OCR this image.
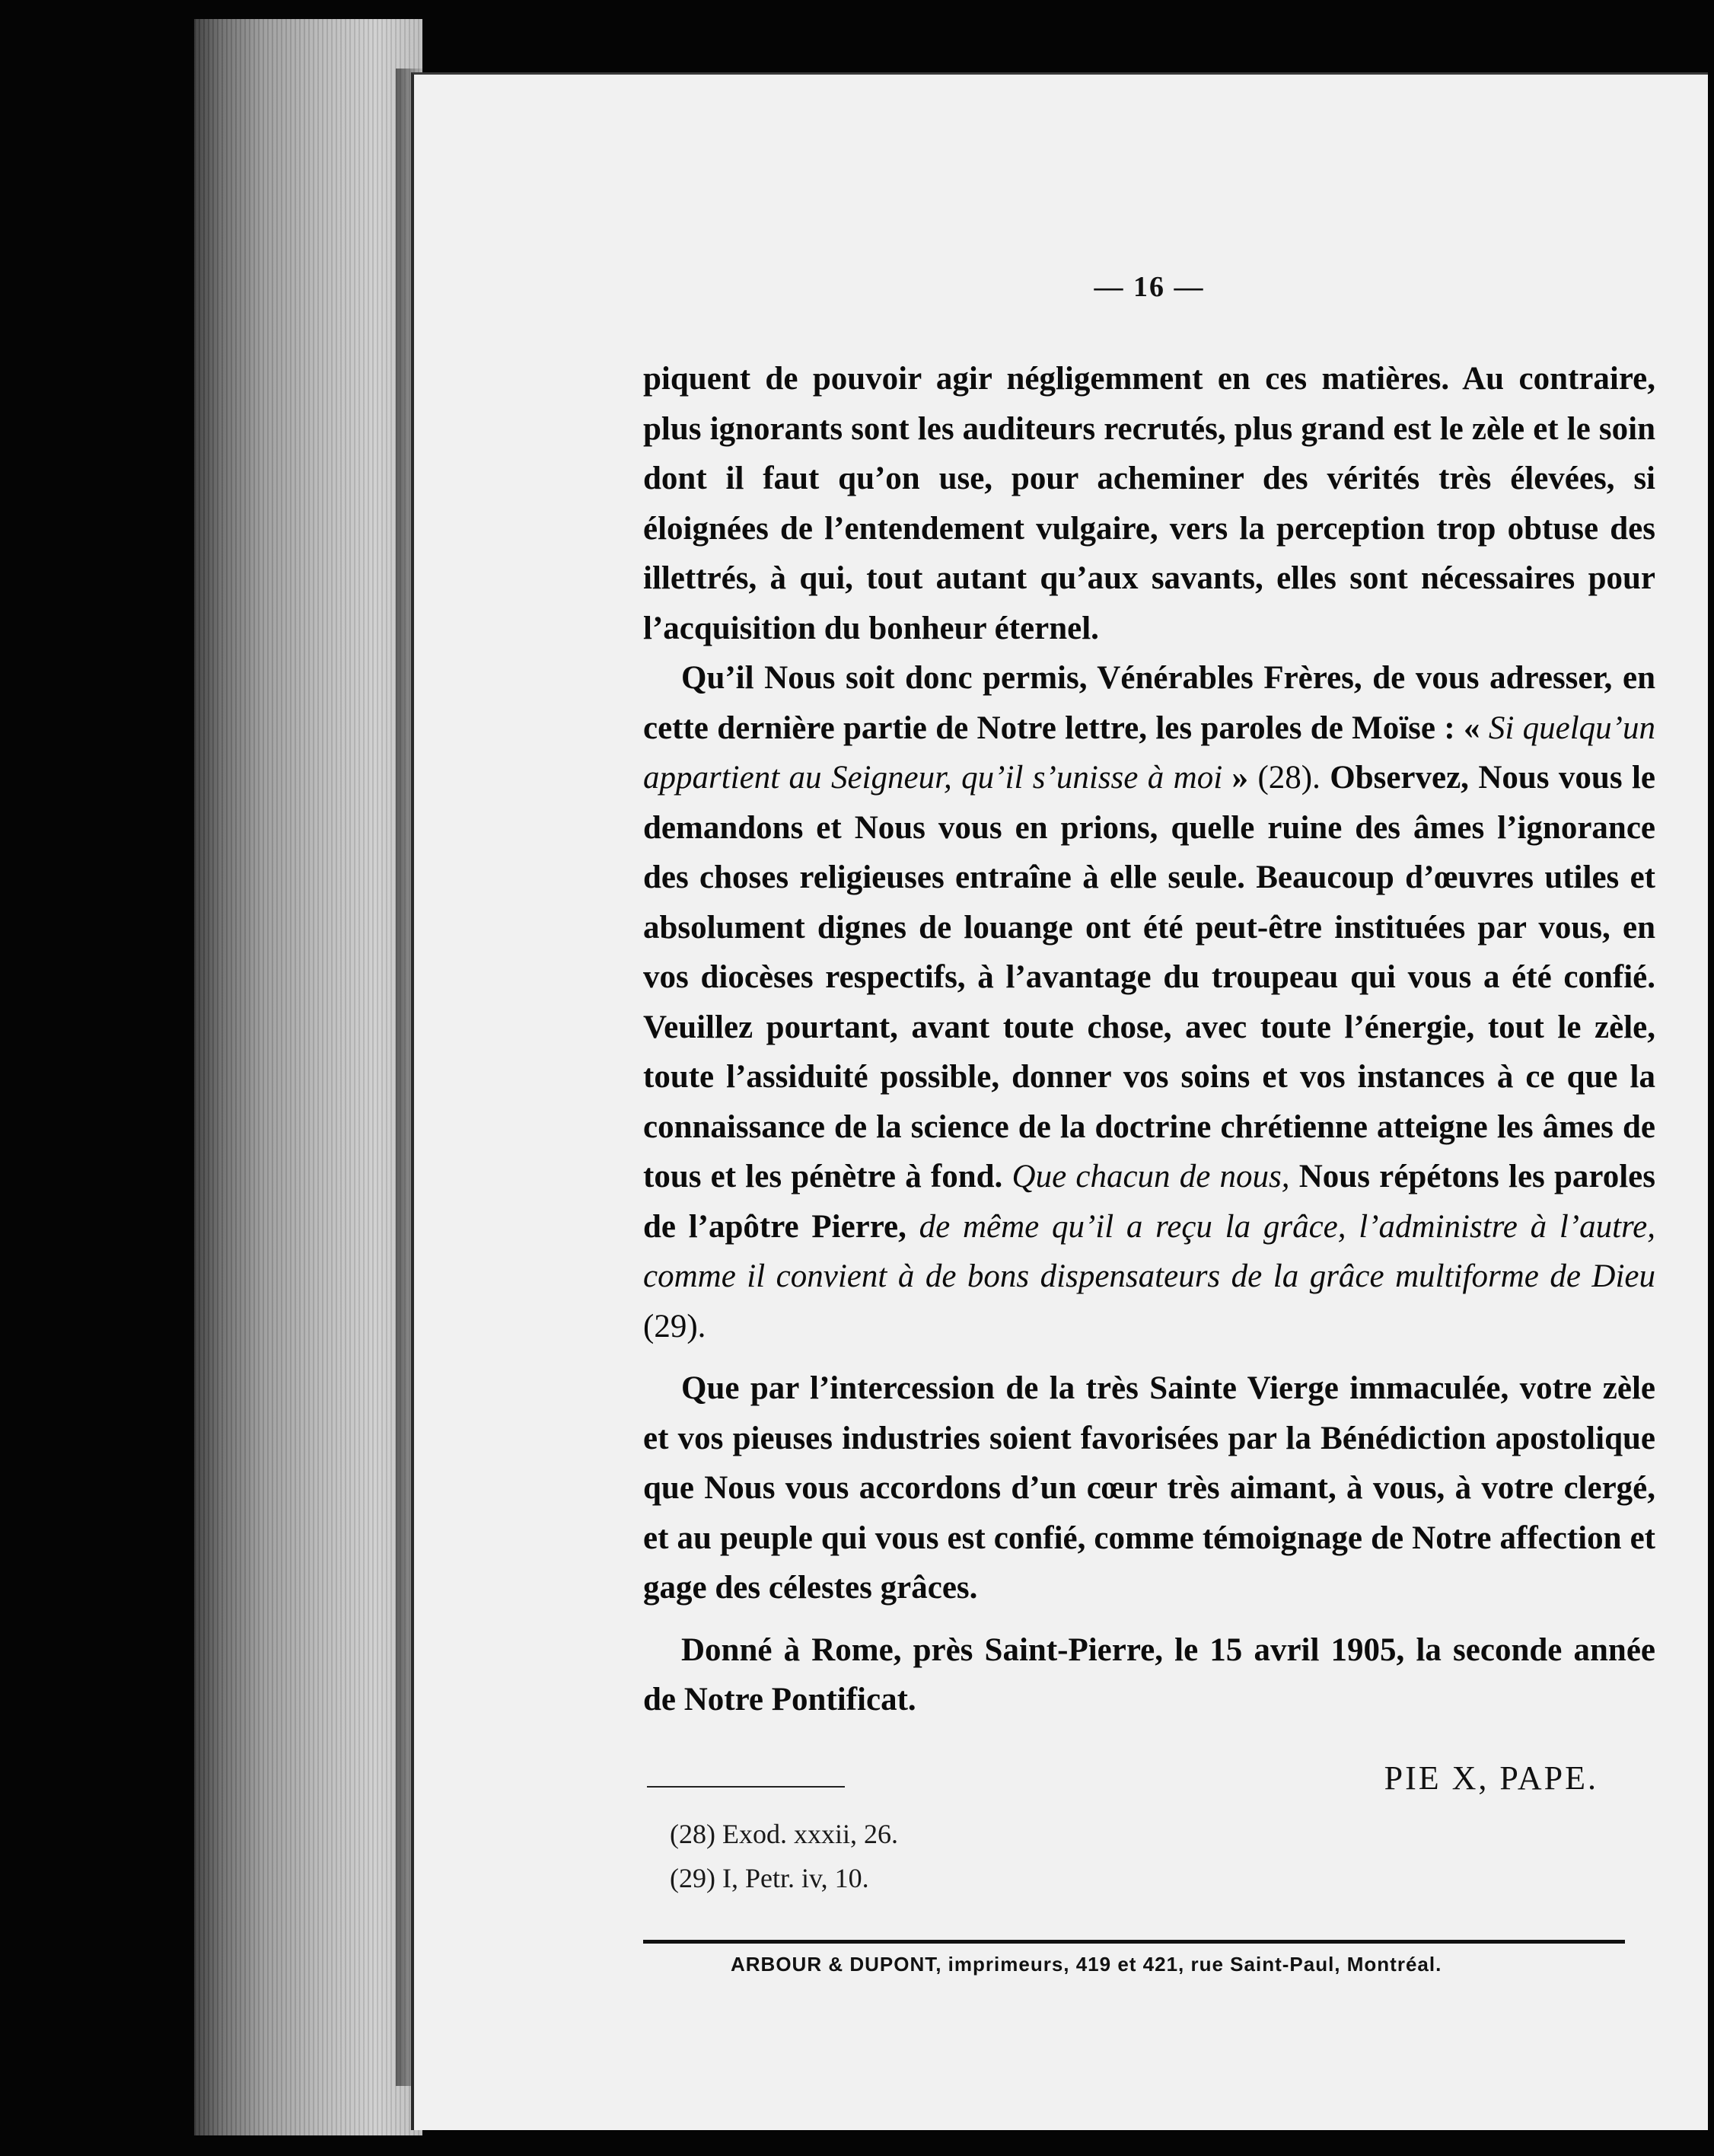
— 16 —

piquent de pouvoir agir négligemment en ces matières. Au contraire, plus ignorants sont les auditeurs recrutés, plus grand est le zèle et le soin dont il faut qu’on use, pour acheminer des vérités très élevées, si éloignées de l’entendement vulgaire, vers la perception trop obtuse des illettrés, à qui, tout autant qu’aux savants, elles sont nécessaires pour l’acquisition du bonheur éternel.

Qu’il Nous soit donc permis, Vénérables Frères, de vous adresser, en cette dernière partie de Notre lettre, les paroles de Moïse : « Si quelqu’un appartient au Seigneur, qu’il s’unisse à moi » (28). Observez, Nous vous le demandons et Nous vous en prions, quelle ruine des âmes l’ignorance des choses religieuses entraîne à elle seule. Beaucoup d’œuvres utiles et absolument dignes de louange ont été peut-être instituées par vous, en vos diocèses respectifs, à l’avantage du troupeau qui vous a été confié. Veuillez pourtant, avant toute chose, avec toute l’énergie, tout le zèle, toute l’assiduité possible, donner vos soins et vos instances à ce que la connaissance de la science de la doctrine chrétienne atteigne les âmes de tous et les pénètre à fond. Que chacun de nous, Nous répétons les paroles de l’apôtre Pierre, de même qu’il a reçu la grâce, l’administre à l’autre, comme il convient à de bons dispensateurs de la grâce multiforme de Dieu (29).

Que par l’intercession de la très Sainte Vierge immaculée, votre zèle et vos pieuses industries soient favorisées par la Bénédiction apostolique que Nous vous accordons d’un cœur très aimant, à vous, à votre clergé, et au peuple qui vous est confié, comme témoignage de Notre affection et gage des célestes grâces.

Donné à Rome, près Saint-Pierre, le 15 avril 1905, la seconde année de Notre Pontificat.

PIE X, PAPE.
(28) Exod. xxxii, 26.
(29) I, Petr. iv, 10.
ARBOUR & DUPONT, imprimeurs, 419 et 421, rue Saint-Paul, Montréal.
